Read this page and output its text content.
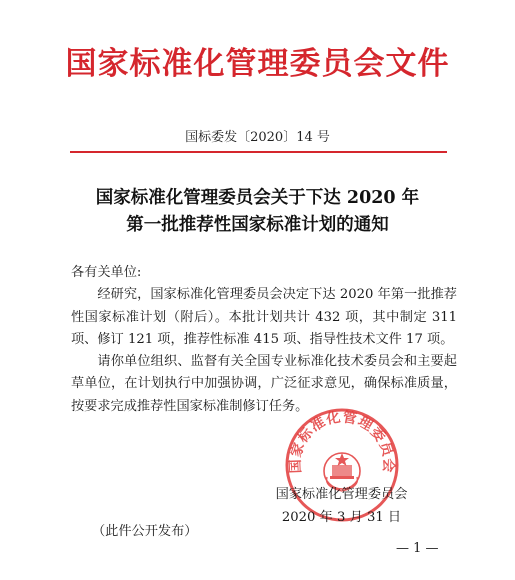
国家标准化管理委员会文件
国标委发〔2020〕14 号
国家标准化管理委员会关于下达 2020 年
第一批推荐性国家标准计划的通知

各有关单位:

经研究，国家标准化管理委员会决定下达 2020 年第一批推荐性国家标准计划（附后）。本批计划共计 432 项，其中制定 311 项、修订 121 项，推荐性标准 415 项、指导性技术文件 17 项。

请你单位组织、监督有关全国专业标准化技术委员会和主要起草单位，在计划执行中加强协调，广泛征求意见，确保标准质量，按要求完成推荐性国家标准制修订任务。

国家标准化管理委员会
国家标准化管理委员会
2020 年 3 月 31 日
（此件公开发布）
— 1 —
